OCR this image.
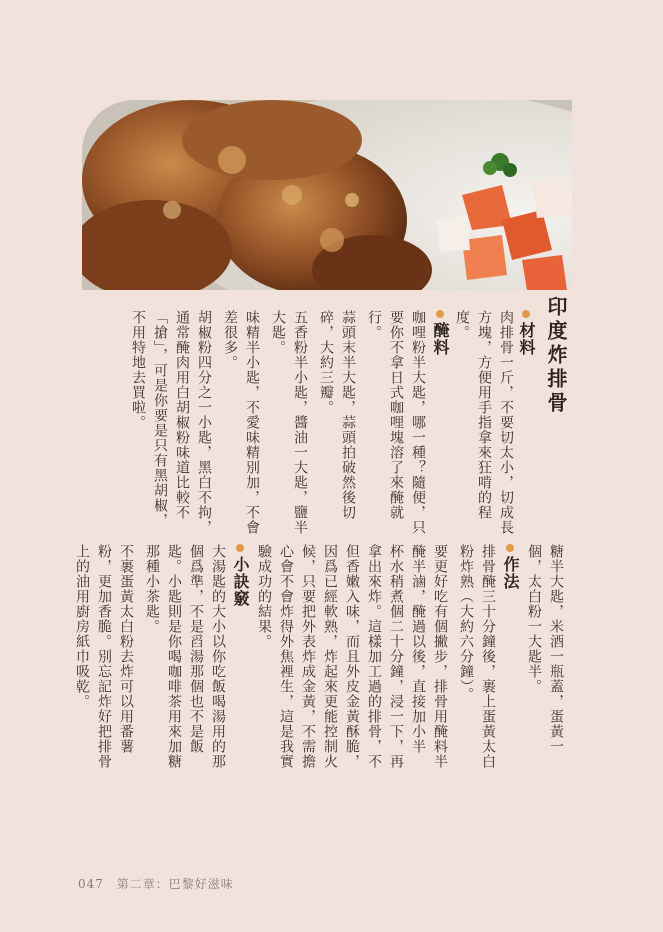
印度炸排骨
材料
肉排骨一斤，不要切太小，切成長
方塊，方便用手指拿來狂啃的程
度。
醃料
咖哩粉半大匙，哪一種？隨便，只
要你不拿日式咖哩塊溶了來醃就
行。
蒜頭末半大匙，蒜頭拍破然後切
碎，大約三瓣。
五香粉半小匙，醬油一大匙，鹽半
大匙。
味精半小匙，不愛味精別加，不會
差很多。
胡椒粉四分之一小匙，黑白不拘，
通常醃肉用白胡椒粉味道比較不
「搶」，可是你要是只有黑胡椒，
不用特地去買啦。
糖半大匙，米酒一瓶蓋，蛋黃一
個，太白粉一大匙半。
作法
排骨醃三十分鐘後，裹上蛋黃太白
粉炸熟（大約六分鐘）。
要更好吃有個撇步，排骨用醃料半
醃半滷，醃過以後，直接加小半
杯水稍煮個二十分鐘，浸一下，再
拿出來炸。這樣加工過的排骨，不
但香嫩入味，而且外皮金黃酥脆，
因爲已經軟熟，炸起來更能控制火
候，只要把外表炸成金黃，不需擔
心會不會炸得外焦裡生，這是我實
驗成功的結果。
小訣竅
大湯匙的大小以你吃飯喝湯用的那
個爲準，不是舀湯那個也不是飯
匙。小匙則是你喝咖啡茶用來加糖
那種小茶匙。
不裹蛋黃太白粉去炸可以用番薯
粉，更加香脆。別忘記炸好把排骨
上的油用廚房紙巾吸乾。
047 第二章：巴黎好滋味
